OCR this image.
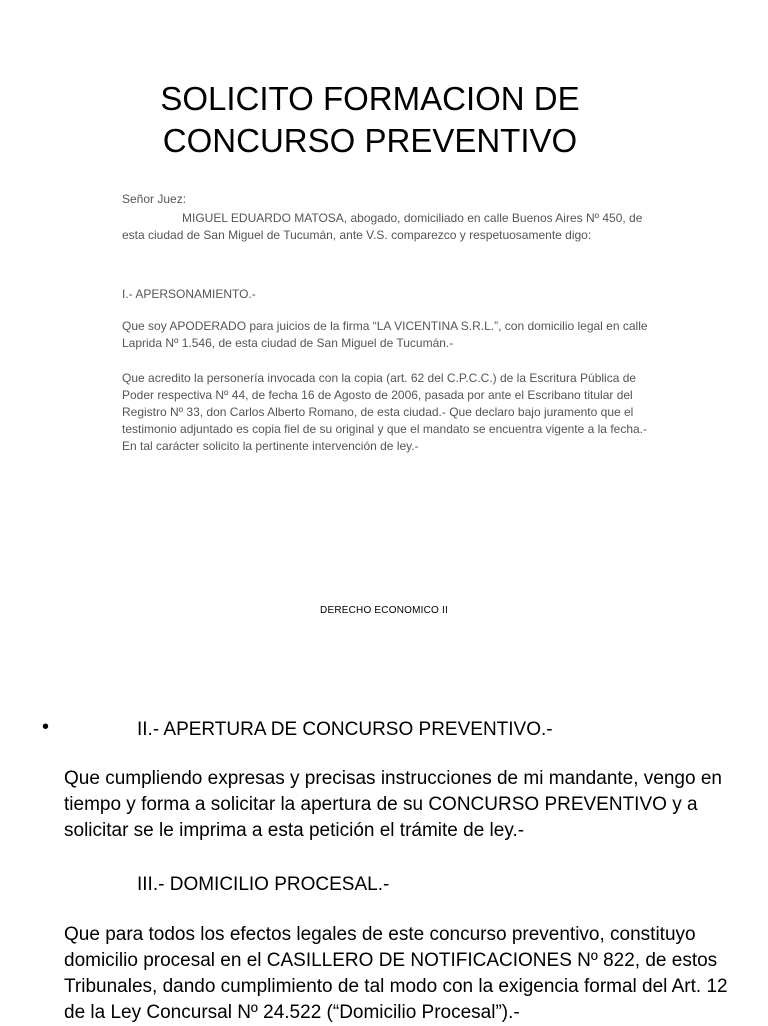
SOLICITO FORMACION DE
CONCURSO PREVENTIVO
Señor Juez:
MIGUEL EDUARDO MATOSA, abogado, domiciliado en calle Buenos Aires Nº 450, de esta ciudad de San Miguel de Tucumán, ante V.S. comparezco y respetuosamente digo:
I.- APERSONAMIENTO.-
Que soy APODERADO para juicios de la firma “LA VICENTINA S.R.L.”, con domicilio legal en calle Laprida Nº 1.546, de esta ciudad de San Miguel de Tucumán.-
Que acredito la personería invocada con la copia (art. 62 del C.P.C.C.) de la Escritura Pública de Poder respectiva Nº 44, de fecha 16 de Agosto de 2006, pasada por ante el Escribano titular del Registro Nº 33, don Carlos Alberto Romano, de esta ciudad.- Que declaro bajo juramento que el testimonio adjuntado es copia fiel de su original y que el mandato se encuentra vigente a la fecha.- En tal carácter solicito la pertinente intervención de ley.-
DERECHO ECONOMICO II
•	II.- APERTURA DE CONCURSO PREVENTIVO.-
Que cumpliendo expresas y precisas instrucciones de mi mandante, vengo en tiempo y forma a solicitar la apertura de su CONCURSO PREVENTIVO y a solicitar se le imprima a esta petición el trámite de ley.-
III.- DOMICILIO PROCESAL.-
Que para todos los efectos legales de este concurso preventivo, constituyo domicilio procesal en el CASILLERO DE NOTIFICACIONES Nº 822, de estos Tribunales, dando cumplimiento de tal modo con la exigencia formal del Art. 12 de la Ley Concursal Nº 24.522 (“Domicilio Procesal”).-
